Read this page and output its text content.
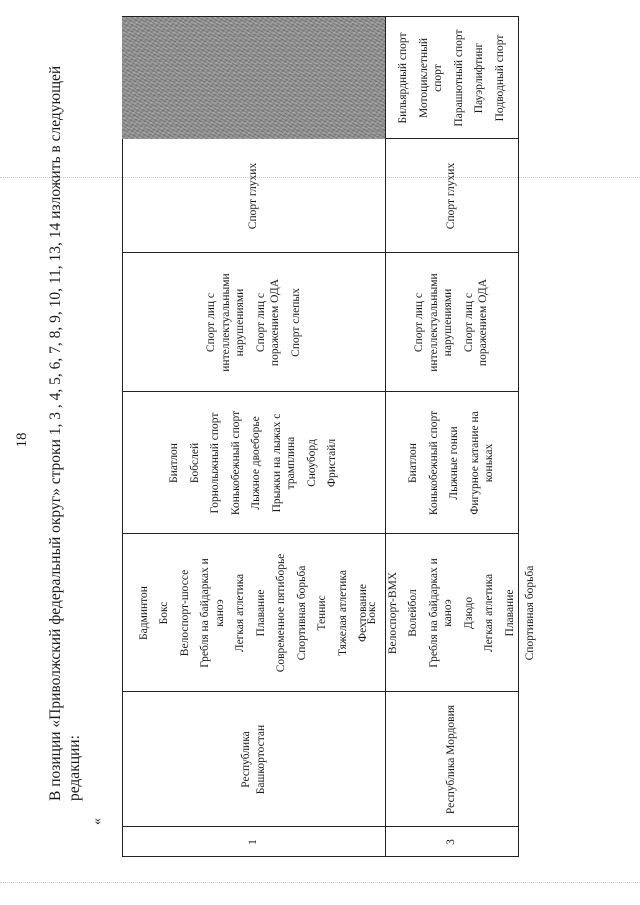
18 В позиции «Приволжский федеральный округ» строки 1, 3 , 4, 5, 6, 7, 8, 9, 10, 11, 13, 14 изложить в следующей редакции:
«
1
Республика Башкортостан
Бадминтон Бокс Велоспорт-шоссе Гребля на байдарках и каноэ Легкая атлетика Плавание Современное пятиборье Спортивная борьба Теннис Тяжелая атлетика Фехтование
Биатлон Бобслей Горнолыжный спорт Конькобежный спорт Лыжное двоеборье Прыжки на лыжах с трамплина Сноуборд Фристайл
Спорт лиц с интеллектуальными нарушениями Спорт лиц с поражением ОДА Спорт слепых
Спорт глухих
3
Республика Мордовия
Бокс Велоспорт-BMX Волейбол Гребля на байдарках и каноэ Дзюдо Легкая атлетика Плавание Спортивная борьба
Биатлон Конькобежный спорт Лыжные гонки Фигурное катание на коньках
Спорт лиц с интеллектуальными нарушениями Спорт лиц с поражением ОДА
Спорт глухих
Бильярдный спорт Мотоциклетный спорт Парашютный спорт Пауэрлифтинг Подводный спорт
